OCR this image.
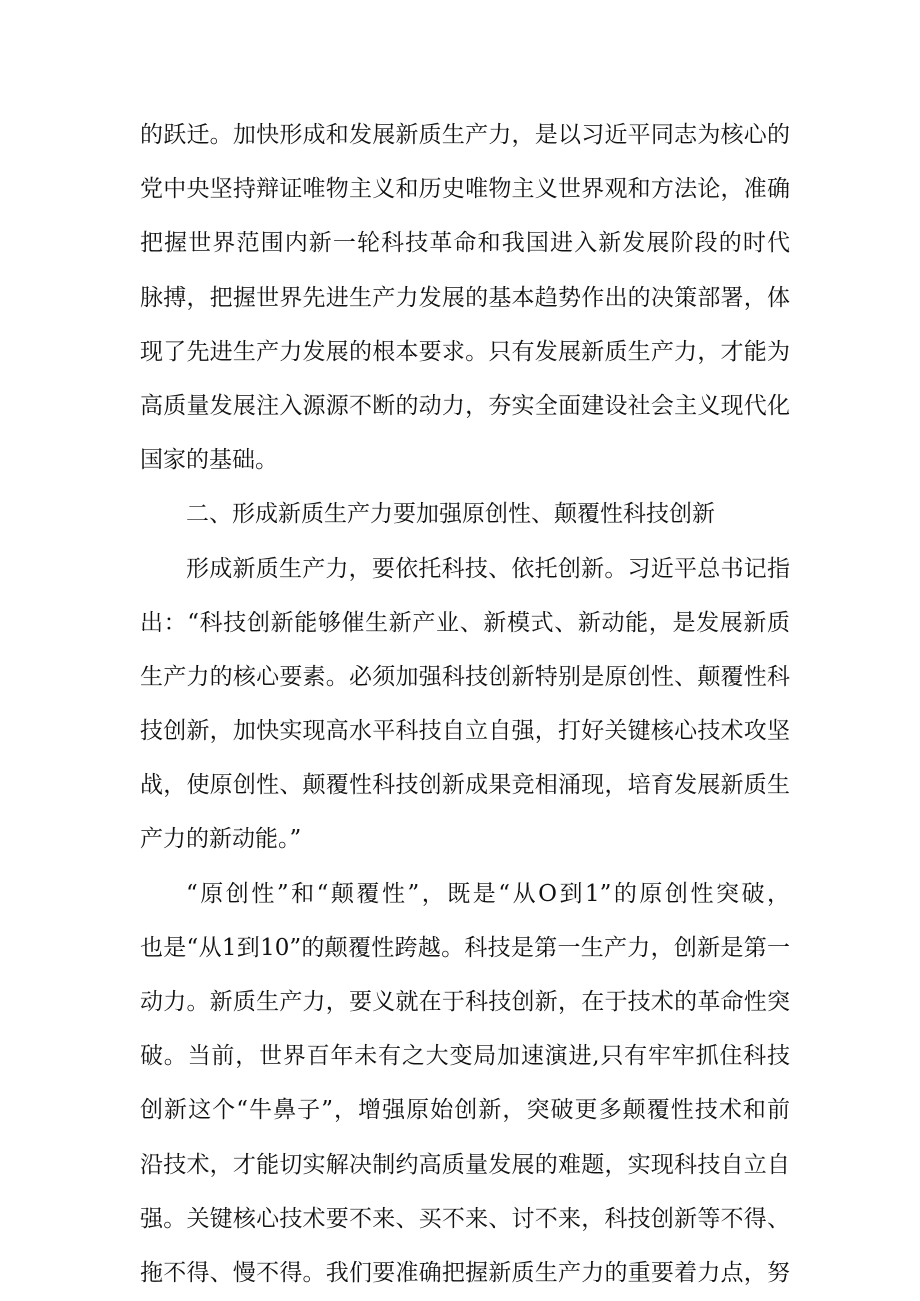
的跃迁。加快形成和发展新质生产力，是以习近平同志为核心的
党中央坚持辩证唯物主义和历史唯物主义世界观和方法论，准确
把握世界范围内新一轮科技革命和我国进入新发展阶段的时代
脉搏，把握世界先进生产力发展的基本趋势作出的决策部署，体
现了先进生产力发展的根本要求。只有发展新质生产力，才能为
高质量发展注入源源不断的动力，夯实全面建设社会主义现代化
国家的基础。
二、形成新质生产力要加强原创性、颠覆性科技创新
形成新质生产力，要依托科技、依托创新。习近平总书记指
出：“科技创新能够催生新产业、新模式、新动能，是发展新质
生产力的核心要素。必须加强科技创新特别是原创性、颠覆性科
技创新，加快实现高水平科技自立自强，打好关键核心技术攻坚
战，使原创性、颠覆性科技创新成果竞相涌现，培育发展新质生
产力的新动能。”
“原创性”和“颠覆性”，既是“从O到1”的原创性突破，
也是“从1到10”的颠覆性跨越。科技是第一生产力，创新是第一
动力。新质生产力，要义就在于科技创新，在于技术的革命性突
破。当前，世界百年未有之大变局加速演进,只有牢牢抓住科技
创新这个“牛鼻子”，增强原始创新，突破更多颠覆性技术和前
沿技术，才能切实解决制约高质量发展的难题，实现科技自立自
强。关键核心技术要不来、买不来、讨不来，科技创新等不得、
拖不得、慢不得。我们要准确把握新质生产力的重要着力点，努
